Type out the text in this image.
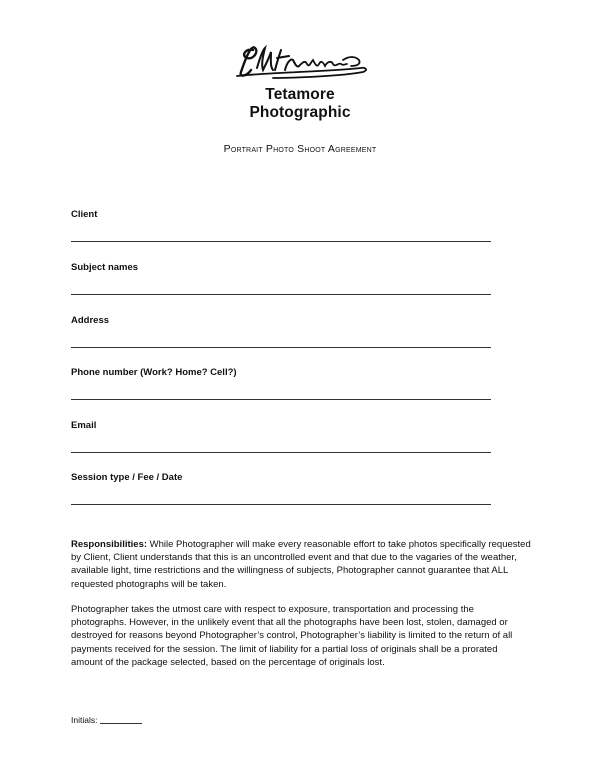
Tetamore Photographic
Portrait Photo Shoot Agreement
Client
Subject names
Address
Phone number (Work? Home? Cell?)
Email
Session type / Fee / Date

Responsibilities: While Photographer will make every reasonable effort to take photos specifically requested by Client, Client understands that this is an uncontrolled event and that due to the vagaries of the weather, available light, time restrictions and the willingness of subjects, Photographer cannot guarantee that ALL requested photographs will be taken.

Photographer takes the utmost care with respect to exposure, transportation and processing the photographs. However, in the unlikely event that all the photographs have been lost, stolen, damaged or destroyed for reasons beyond Photographer’s control, Photographer’s liability is limited to the return of all payments received for the session. The limit of liability for a partial loss of originals shall be a prorated amount of the package selected, based on the percentage of originals lost.

Initials:
